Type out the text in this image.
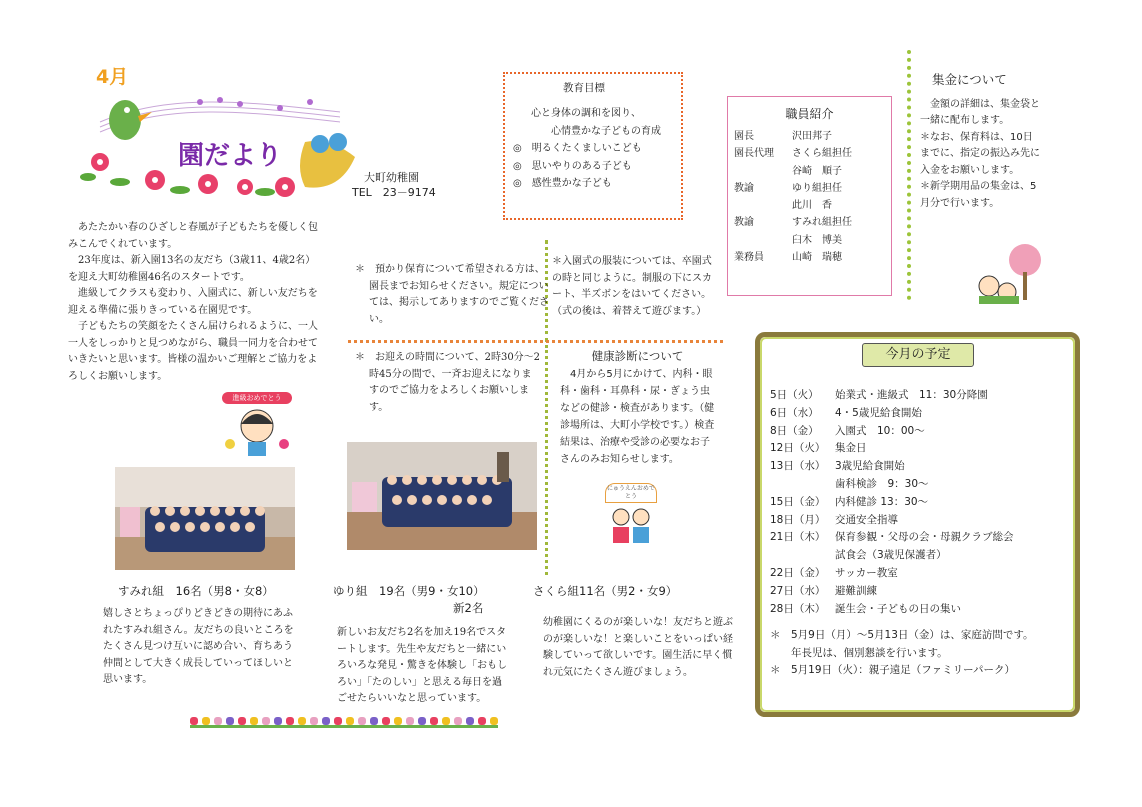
4月
園だより
大町幼稚園
TEL　23－9174

あたたかい春のひざしと春風が子どもたちを優しく包みこんでくれています。

23年度は、新入園13名の友だち（3歳11、4歳2名）を迎え大町幼稚園46名のスタートです。

進級してクラスも変わり、入園式に、新しい友だちを迎える準備に張りきっている在園児です。

子どもたちの笑顔をたくさん届けられるように、一人一人をしっかりと見つめながら、職員一同力を合わせていきたいと思います。皆様の温かいご理解とご協力をよろしくお願いします。

進級おめでとう
教育目標

心と身体の調和を図り、

心情豊かな子どもの育成

◎　明るくたくましいこども

◎　思いやりのある子ども

◎　感性豊かな子ども

職員紹介
園長	沢田邦子
園長代理	さくら組担任
谷崎　順子
教諭	ゆり組担任
此川　香
教諭	すみれ組担任
臼木　博美
業務員	山崎　瑞穂
集金について

金額の詳細は、集金袋と一緒に配布します。

＊なお、保育料は、10日までに、指定の振込み先に入金をお願いします。

＊新学期用品の集金は、5月分で行います。

＊　預かり保育について希望される方は、園長までお知らせください。規定については、掲示してありますのでご覧ください。
＊入園式の服装については、卒園式の時と同じように。制服の下にスカート、半ズボンをはいてください。（式の後は、着替えて遊びます。）
＊　お迎えの時間について、2時30分～2時45分の間で、一斉お迎えになりますのでご協力をよろしくお願いします。
健康診断について

4月から5月にかけて、内科・眼科・歯科・耳鼻科・尿・ぎょう虫などの健診・検査があります。（健診場所は、大町小学校です。）検査結果は、治療や受診の必要なお子さんのみお知らせします。

にゅうえんおめでとう
すみれ組　16名（男8・女8）

嬉しさとちょっぴりどきどきの期待にあふれたすみれ組さん。友だちの良いところをたくさん見つけ互いに認め合い、育ちあう仲間として大きく成長していってほしいと思います。

ゆり組　19名（男9・女10）
新2名

新しいお友だち2名を加え19名でスタートします。先生や友だちと一緒にいろいろな発見・驚きを体験し「おもしろい」「たのしい」と思える毎日を過ごせたらいいなと思っています。

さくら組11名（男2・女9）

幼稚園にくるのが楽しいな！友だちと遊ぶのが楽しいな！と楽しいことをいっぱい経験していって欲しいです。園生活に早く慣れ元気にたくさん遊びましょう。

今月の予定
5日（火）	始業式・進級式　11：30分降園
6日（水）	4・5歳児給食開始
8日（金）	入園式　10：00～
12日（火） 集金日
13日（水） 3歳児給食開始
歯科検診　9：30～
15日（金） 内科健診 13：30～
18日（月） 交通安全指導
21日（木） 保育参観・父母の会・母親クラブ総会
試食会（3歳児保護者）
22日（金） サッカー教室
27日（水） 避難訓練
28日（木） 誕生会・子どもの日の集い
＊　5月9日（月）～5月13日（金）は、家庭訪問です。
　　年長児は、個別懇談を行います。
＊　5月19日（火）：親子遠足（ファミリーパーク）
